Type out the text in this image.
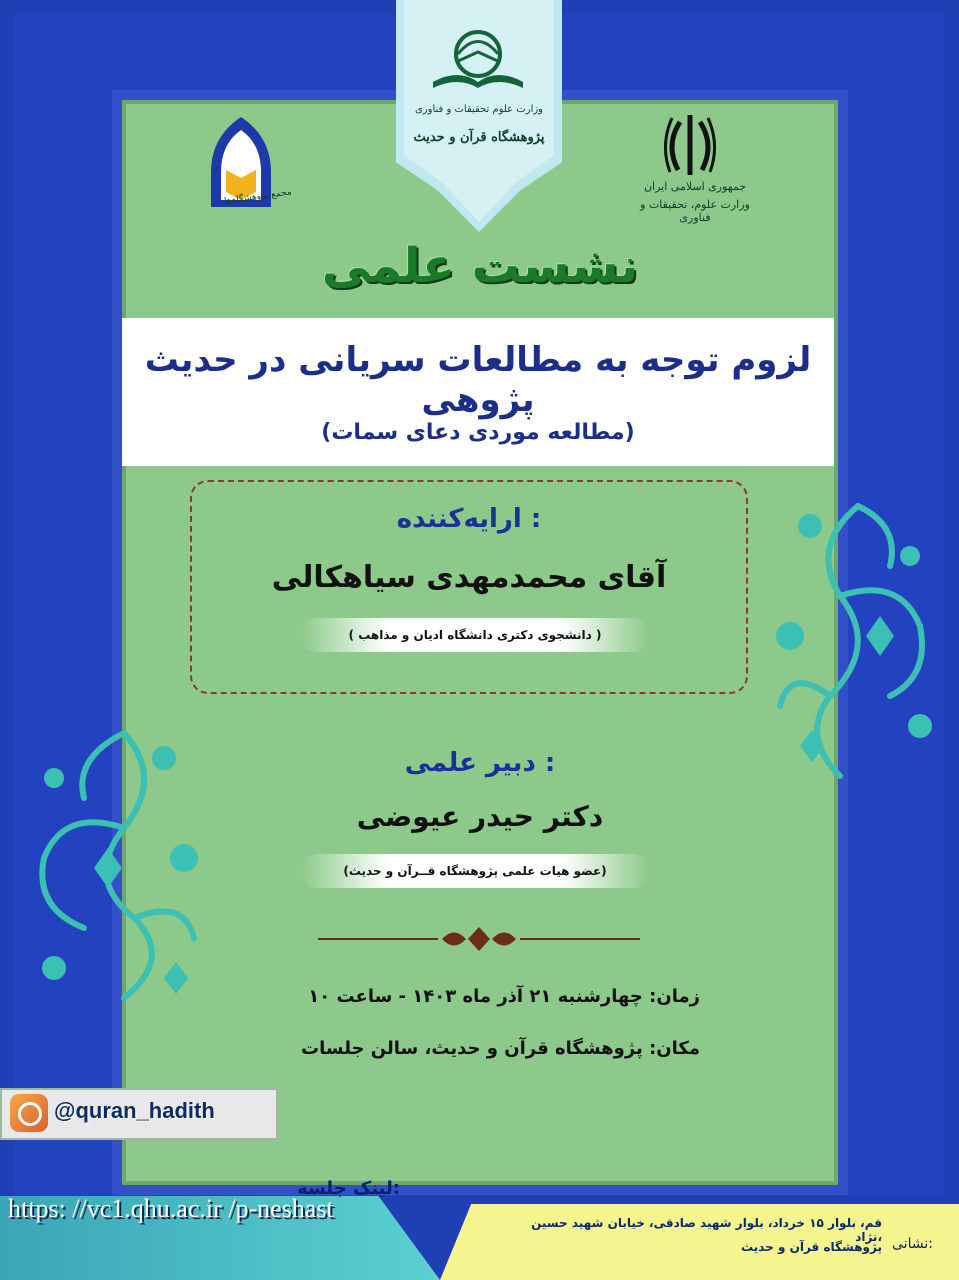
وزارت علوم تحقیقات و فناوری
پژوهشگاه قرآن و حدیث
مجمع پژوهشگاه‌ها
جمهوری اسلامی ایران
وزارت علوم، تحقیقات و فناوری
نشست علمی
لزوم توجه به مطالعات سریانی در حدیث پژوهی
(مطالعه موردی دعای سمات)
ارایه‌کننده :
آقای محمدمهدی سیاهکالی
( دانشجوی دکتری دانشگاه ادیان و مذاهب )
دبیر علمی :
دکتر حیدر عیوضی
(عضو هیات علمی پژوهشگاه قــرآن و حدیث)
زمان: چهارشنبه ۲۱ آذر ماه ۱۴۰۳ - ساعت ۱۰
مکان: پژوهشگاه قرآن و حدیث، سالن جلسات
@quran_hadith
لینک جلسه:
https: //vc1.qhu.ac.ir /p-neshast
نشانی:
قم، بلوار ۱۵ خرداد، بلوار شهید صادقی، خیابان شهید حسین نژاد،
پژوهشگاه قرآن و حدیث
